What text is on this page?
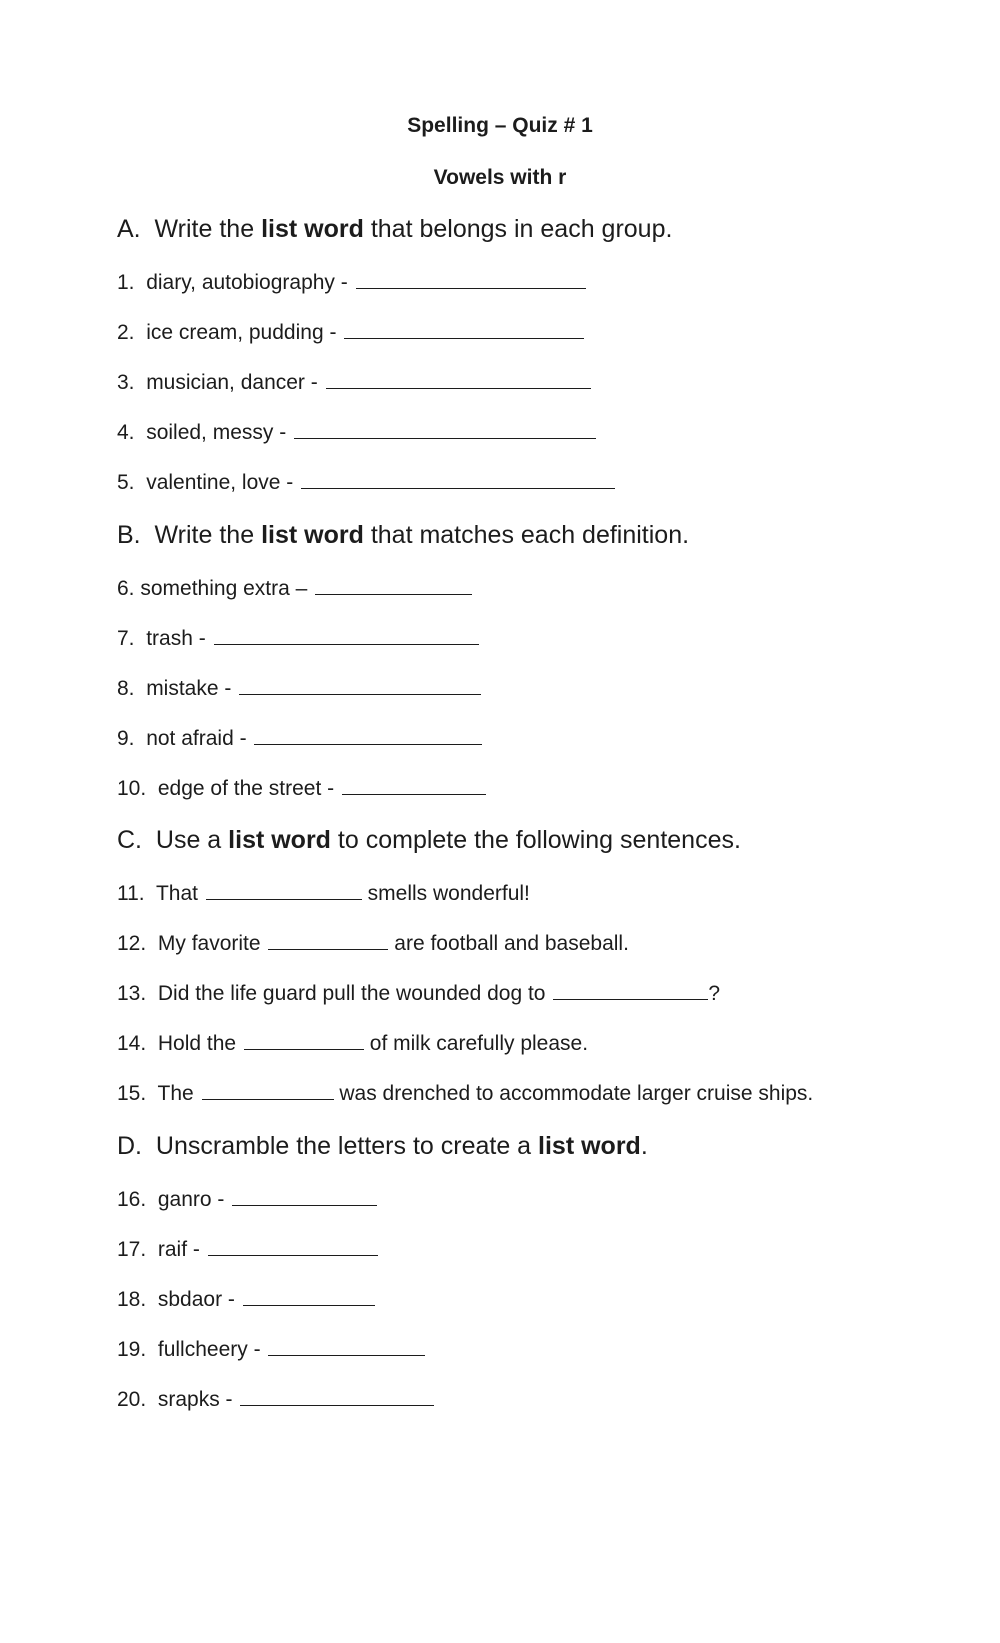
Spelling – Quiz # 1
Vowels with r
A. Write the list word that belongs in each group.
1. diary, autobiography -
2. ice cream, pudding -
3. musician, dancer -
4. soiled, messy -
5. valentine, love -
B. Write the list word that matches each definition.
6. something extra –
7. trash -
8. mistake -
9. not afraid -
10. edge of the street -
C. Use a list word to complete the following sentences.
11. That	smells wonderful!
12. My favorite	are football and baseball.
13. Did the life guard pull the wounded dog to	?
14. Hold the	of milk carefully please.
15. The	was drenched to accommodate larger cruise ships.
D. Unscramble the letters to create a list word.
16. ganro -
17. raif -
18. sbdaor -
19. fullcheery -
20. srapks -
